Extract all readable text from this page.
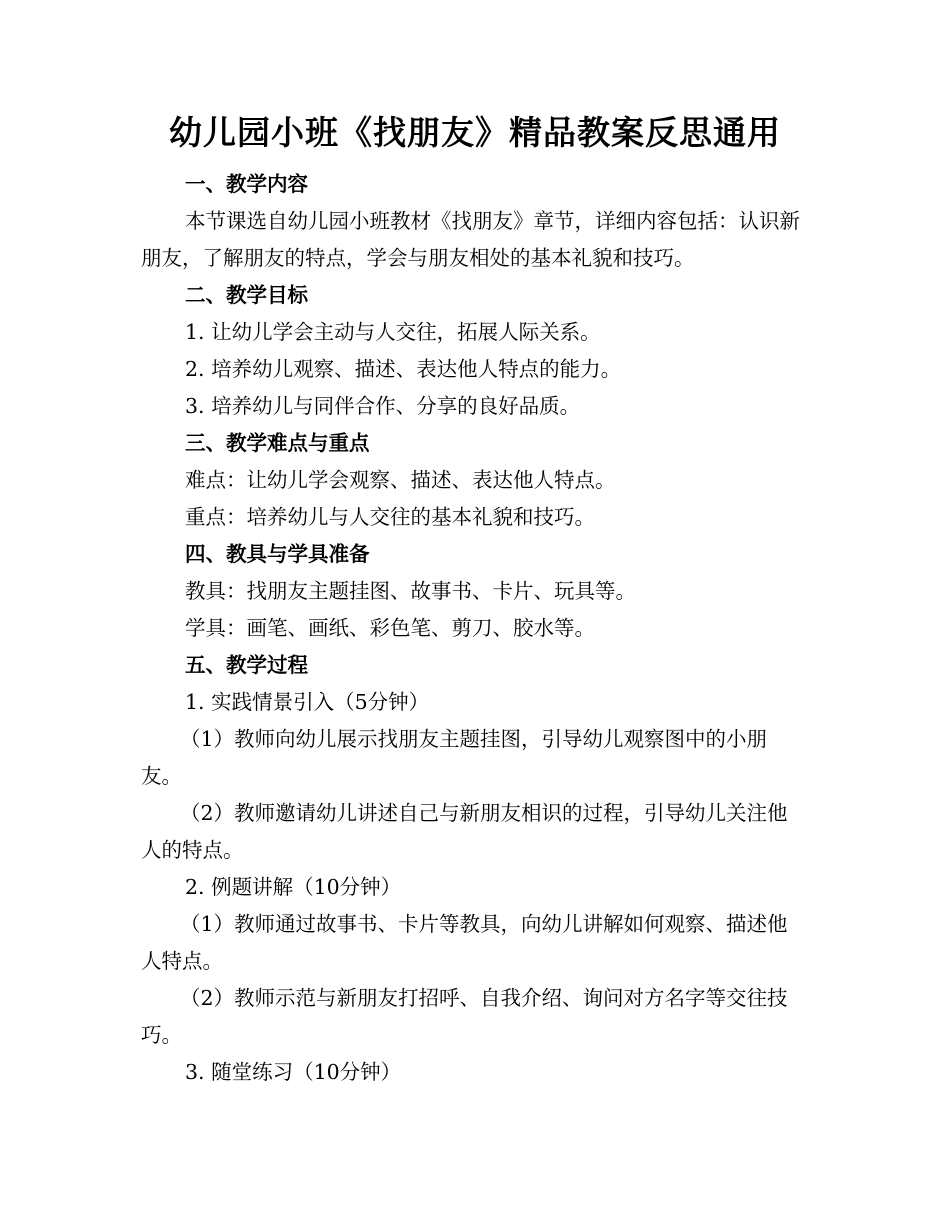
幼儿园小班《找朋友》精品教案反思通用

一、教学内容

本节课选自幼儿园小班教材《找朋友》章节，详细内容包括：认识新朋友，了解朋友的特点，学会与朋友相处的基本礼貌和技巧。

二、教学目标

1. 让幼儿学会主动与人交往，拓展人际关系。

2. 培养幼儿观察、描述、表达他人特点的能力。

3. 培养幼儿与同伴合作、分享的良好品质。

三、教学难点与重点

难点：让幼儿学会观察、描述、表达他人特点。

重点：培养幼儿与人交往的基本礼貌和技巧。

四、教具与学具准备

教具：找朋友主题挂图、故事书、卡片、玩具等。

学具：画笔、画纸、彩色笔、剪刀、胶水等。

五、教学过程

1. 实践情景引入（5分钟）

（1）教师向幼儿展示找朋友主题挂图，引导幼儿观察图中的小朋友。

（2）教师邀请幼儿讲述自己与新朋友相识的过程，引导幼儿关注他人的特点。

2. 例题讲解（10分钟）

（1）教师通过故事书、卡片等教具，向幼儿讲解如何观察、描述他人特点。

（2）教师示范与新朋友打招呼、自我介绍、询问对方名字等交往技巧。

3. 随堂练习（10分钟）
